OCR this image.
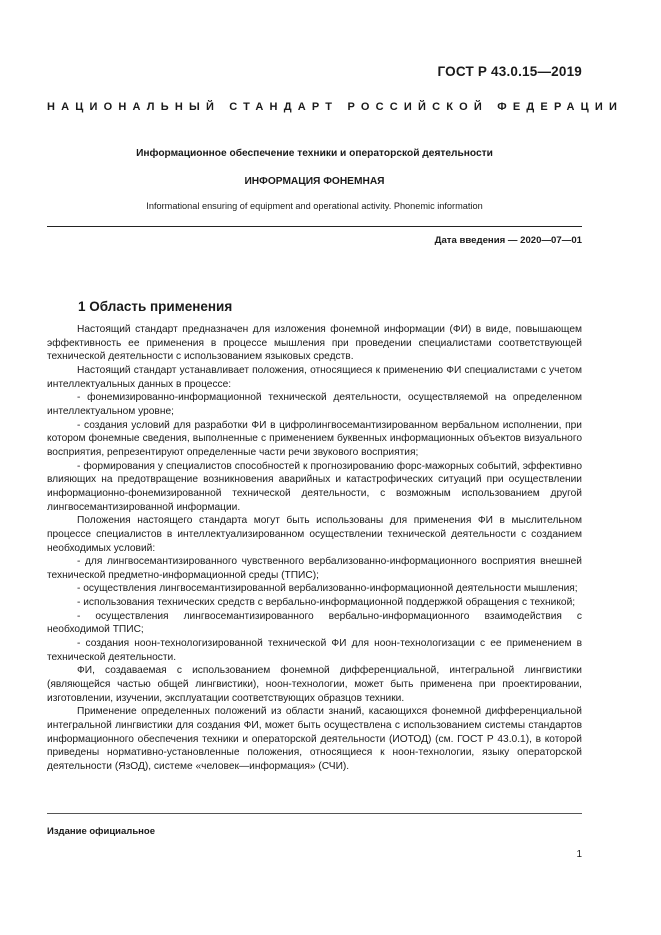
ГОСТ Р 43.0.15—2019
НАЦИОНАЛЬНЫЙ СТАНДАРТ РОССИЙСКОЙ ФЕДЕРАЦИИ
Информационное обеспечение техники и операторской деятельности
ИНФОРМАЦИЯ ФОНЕМНАЯ
Informational ensuring of equipment and operational activity. Phonemic information
Дата введения — 2020—07—01
1 Область применения

Настоящий стандарт предназначен для изложения фонемной информации (ФИ) в виде, повышающем эффективность ее применения в процессе мышления при проведении специалистами соответствующей технической деятельности с использованием языковых средств.

Настоящий стандарт устанавливает положения, относящиеся к применению ФИ специалистами с учетом интеллектуальных данных в процессе:

- фонемизированно-информационной технической деятельности, осуществляемой на определенном интеллектуальном уровне;

- создания условий для разработки ФИ в цифролингвосемантизированном вербальном исполнении, при котором фонемные сведения, выполненные с применением буквенных информационных объектов визуального восприятия, репрезентируют определенные части речи звукового восприятия;

- формирования у специалистов способностей к прогнозированию форс-мажорных событий, эффективно влияющих на предотвращение возникновения аварийных и катастрофических ситуаций при осуществлении информационно-фонемизированной технической деятельности, с возможным использованием другой лингвосемантизированной информации.

Положения настоящего стандарта могут быть использованы для применения ФИ в мыслительном процессе специалистов в интеллектуализированном осуществлении технической деятельности с созданием необходимых условий:

- для лингвосемантизированного чувственного вербализованно-информационного восприятия внешней технической предметно-информационной среды (ТПИС);

- осуществления лингвосемантизированной вербализованно-информационной деятельности мышления;

- использования технических средств с вербально-информационной поддержкой обращения с техникой;

- осуществления лингвосемантизированного вербально-информационного взаимодействия с необходимой ТПИС;

- создания ноон-технологизированной технической ФИ для ноон-технологизации с ее применением в технической деятельности.

ФИ, создаваемая с использованием фонемной дифференциальной, интегральной лингвистики (являющейся частью общей лингвистики), ноон-технологии, может быть применена при проектировании, изготовлении, изучении, эксплуатации соответствующих образцов техники.

Применение определенных положений из области знаний, касающихся фонемной дифференциальной интегральной лингвистики для создания ФИ, может быть осуществлена с использованием системы стандартов информационного обеспечения техники и операторской деятельности (ИОТОД) (см. ГОСТ Р 43.0.1), в которой приведены нормативно-установленные положения, относящиеся к ноон-технологии, языку операторской деятельности (ЯзОД), системе «человек—информация» (СЧИ).

Издание официальное
1
